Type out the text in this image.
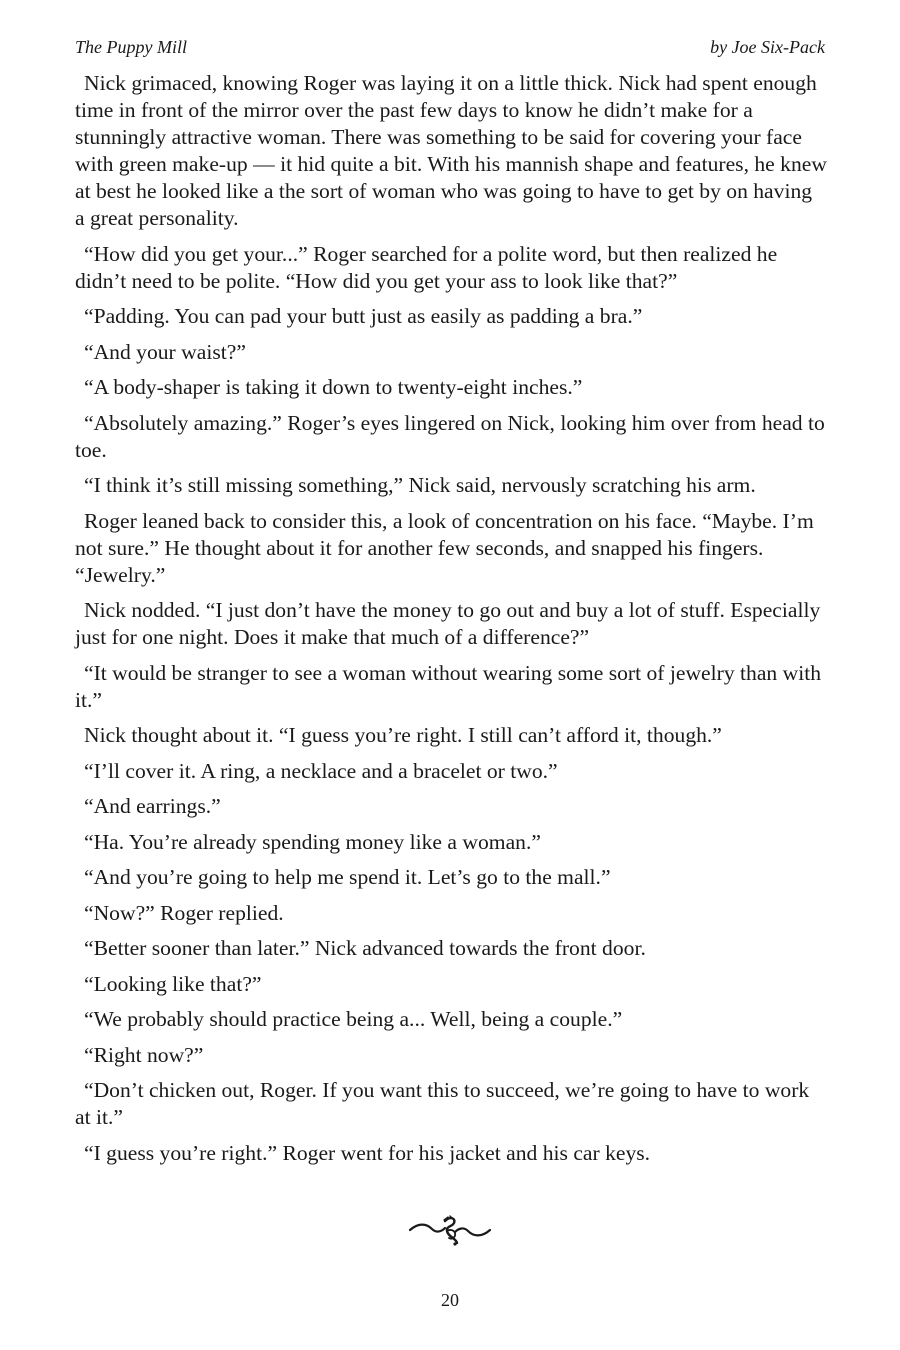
The Puppy Mill	by Joe Six-Pack

Nick grimaced, knowing Roger was laying it on a little thick. Nick had spent enough time in front of the mirror over the past few days to know he didn’t make for a stunningly attractive woman. There was something to be said for covering your face with green make-up — it hid quite a bit. With his mannish shape and features, he knew at best he looked like a the sort of woman who was going to have to get by on having a great personality.

“How did you get your...” Roger searched for a polite word, but then realized he didn’t need to be polite. “How did you get your ass to look like that?”

“Padding. You can pad your butt just as easily as padding a bra.”

“And your waist?”

“A body-shaper is taking it down to twenty-eight inches.”

“Absolutely amazing.” Roger’s eyes lingered on Nick, looking him over from head to toe.

“I think it’s still missing something,” Nick said, nervously scratching his arm.

Roger leaned back to consider this, a look of concentration on his face. “Maybe. I’m not sure.” He thought about it for another few seconds, and snapped his fingers. “Jewelry.”

Nick nodded. “I just don’t have the money to go out and buy a lot of stuff. Especially just for one night. Does it make that much of a difference?”

“It would be stranger to see a woman without wearing some sort of jewelry than with it.”

Nick thought about it. “I guess you’re right. I still can’t afford it, though.”

“I’ll cover it. A ring, a necklace and a bracelet or two.”

“And earrings.”

“Ha. You’re already spending money like a woman.”

“And you’re going to help me spend it. Let’s go to the mall.”

“Now?” Roger replied.

“Better sooner than later.” Nick advanced towards the front door.

“Looking like that?”

“We probably should practice being a... Well, being a couple.”

“Right now?”

“Don’t chicken out, Roger. If you want this to succeed, we’re going to have to work at it.”

“I guess you’re right.” Roger went for his jacket and his car keys.

20
